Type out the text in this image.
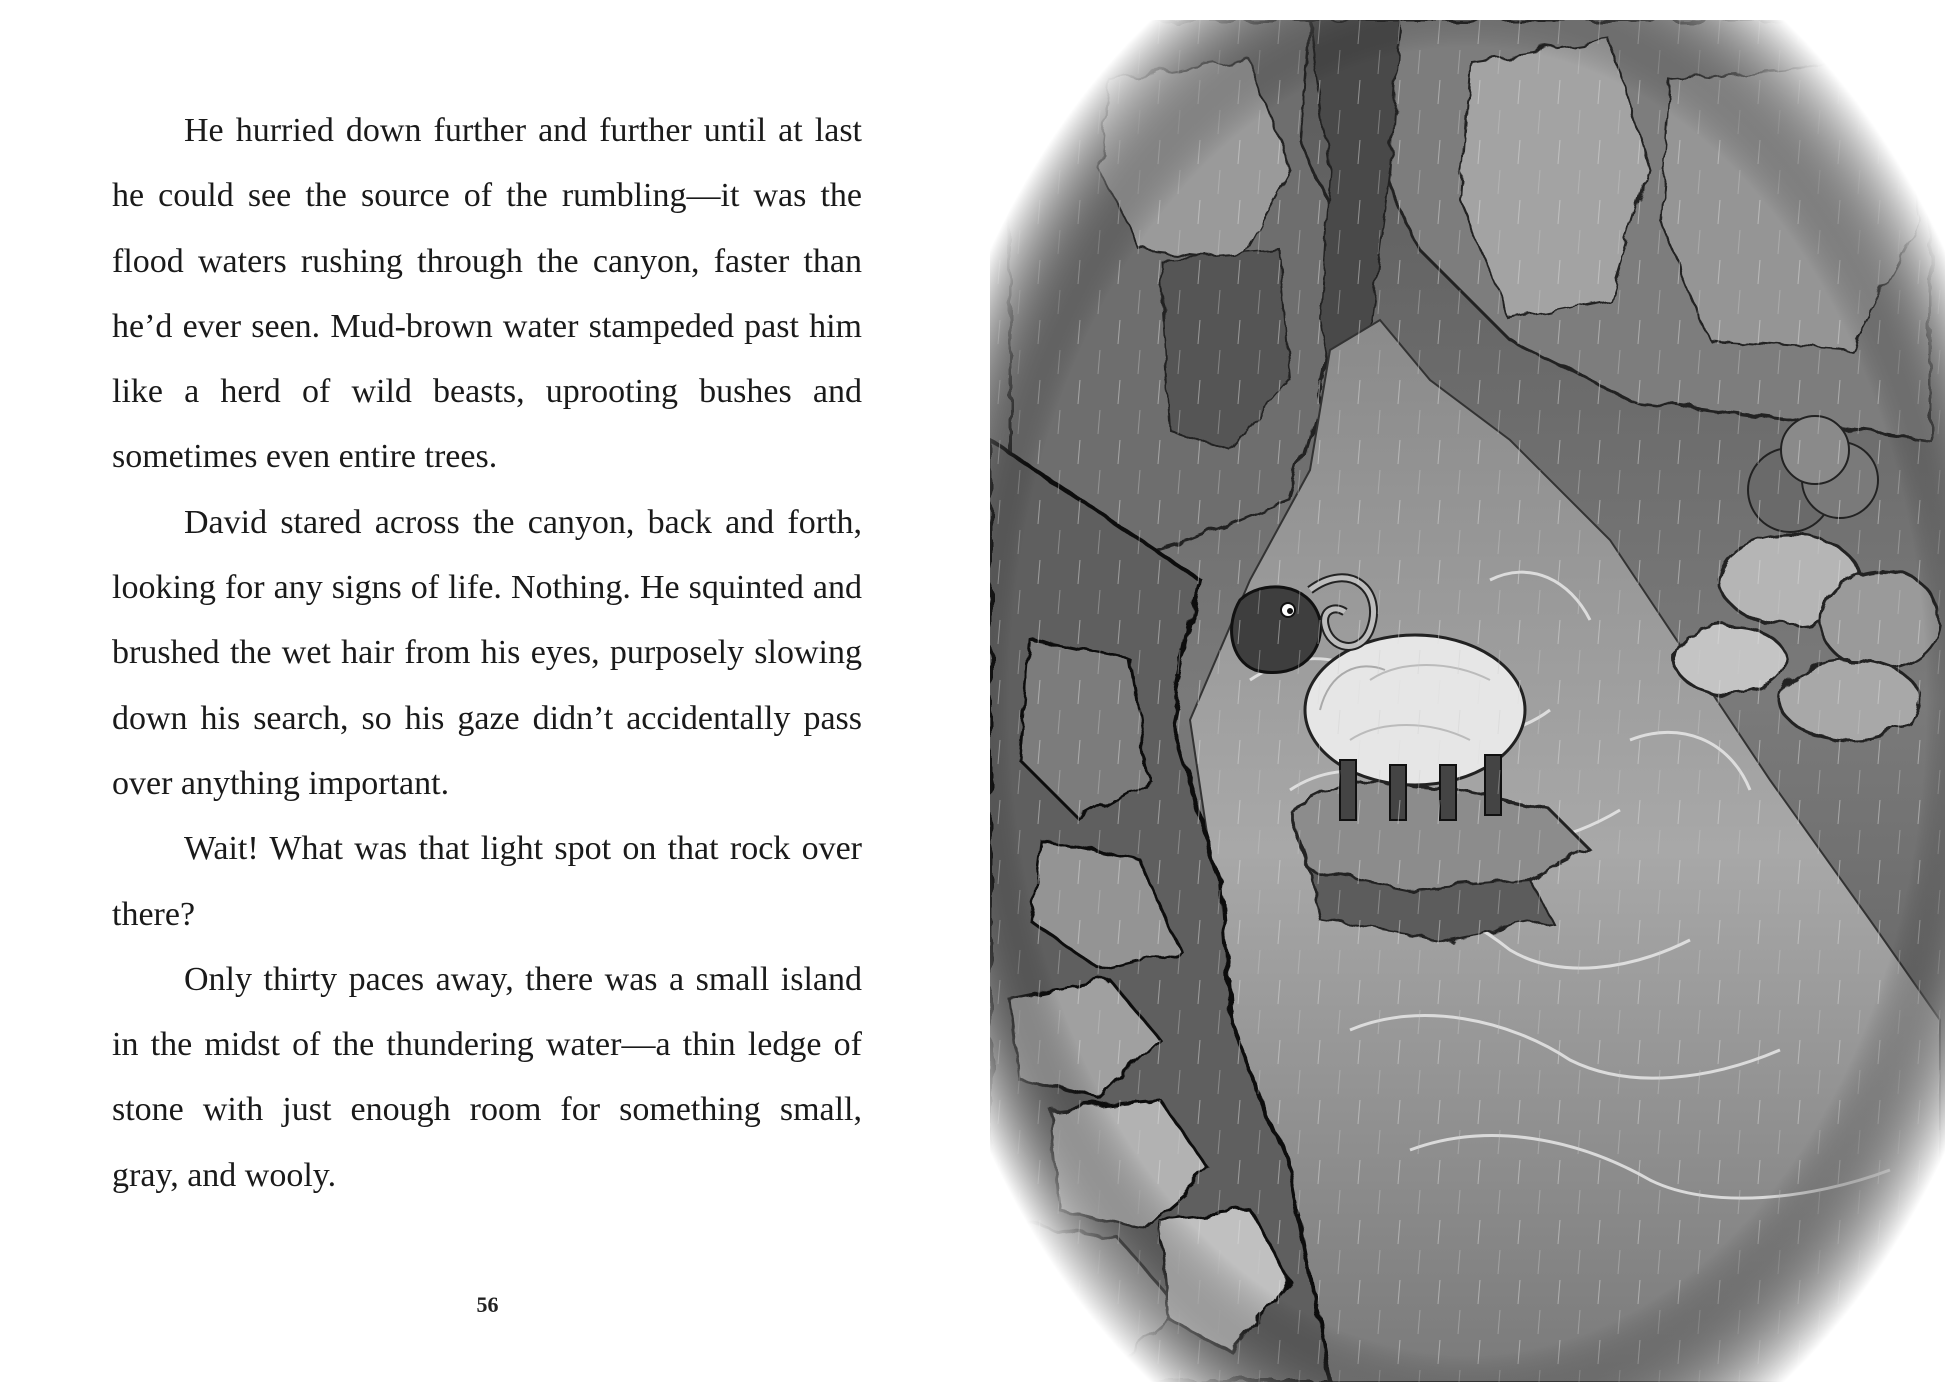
He hurried down further and further until at last he could see the source of the rumbling—it was the flood waters rushing through the canyon, faster than he’d ever seen. Mud-brown water stampeded past him like a herd of wild beasts, uprooting bushes and sometimes even entire trees.

David stared across the canyon, back and forth, looking for any signs of life. Nothing. He squinted and brushed the wet hair from his eyes, purposely slowing down his search, so his gaze didn’t accidentally pass over anything important.

Wait! What was that light spot on that rock over there?

Only thirty paces away, there was a small island in the midst of the thundering water—a thin ledge of stone with just enough room for something small, gray, and wooly.

56
